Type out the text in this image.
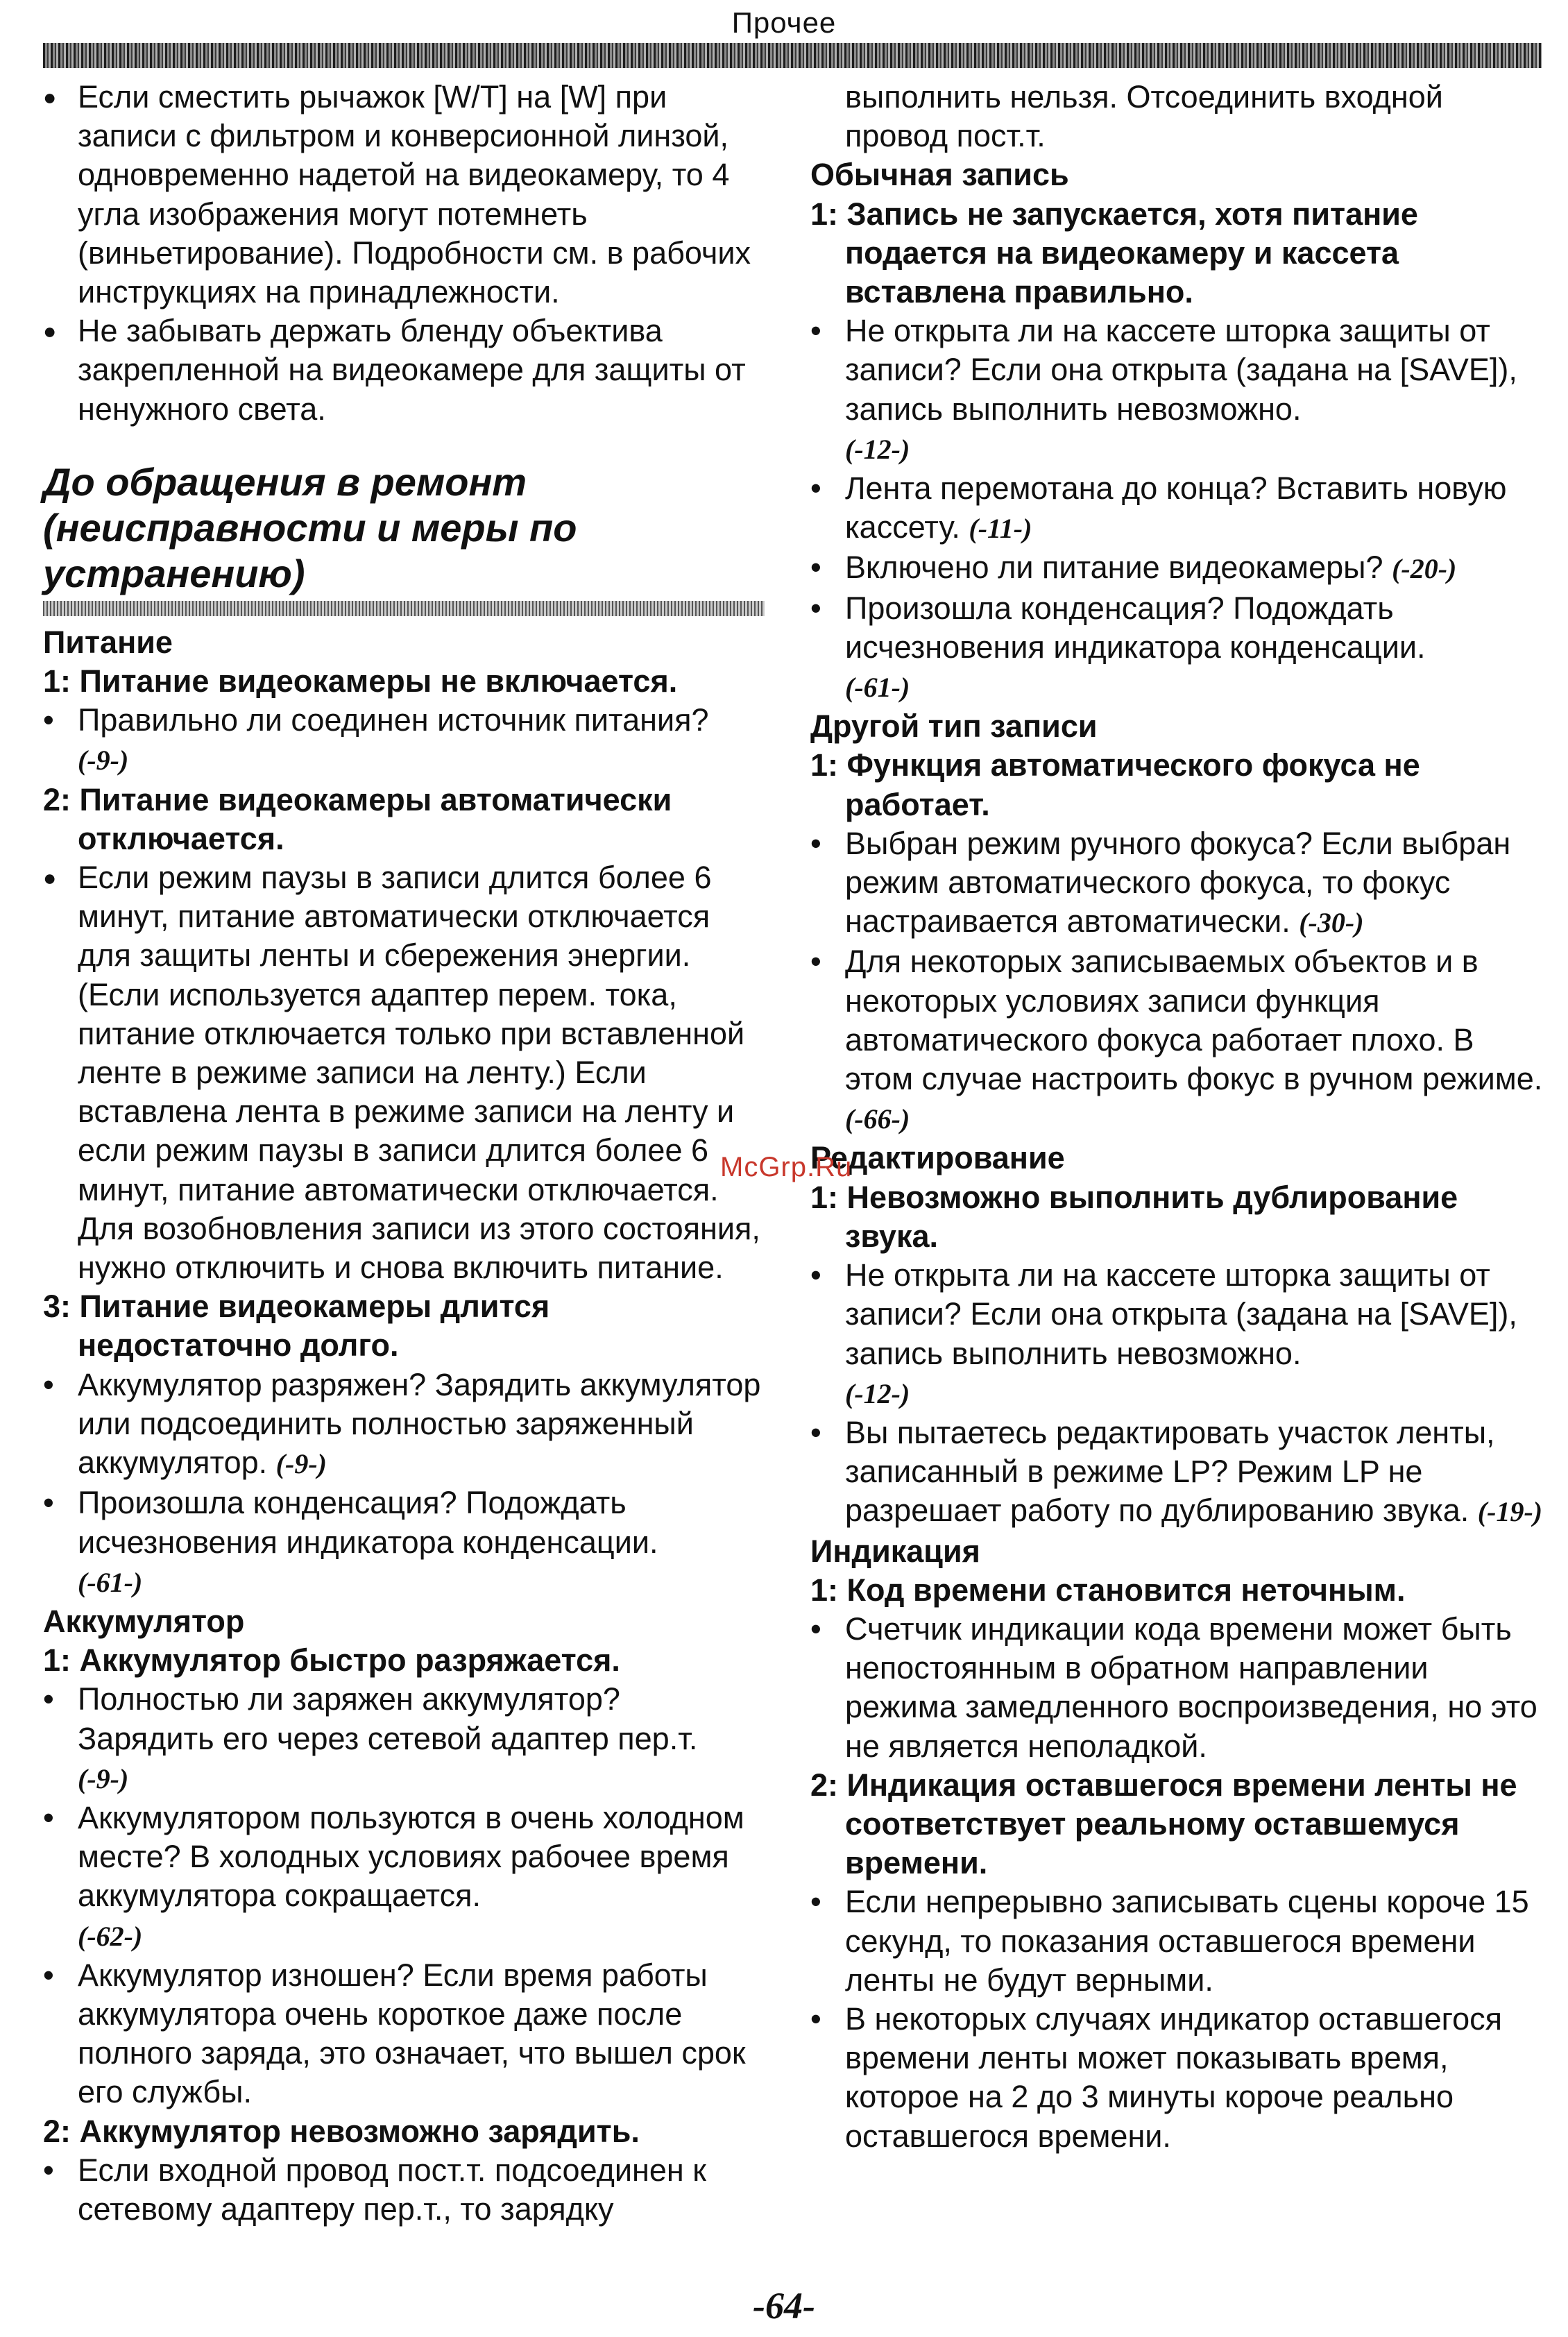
Прочее

● Если сместить рычажок [W/T] на [W] при записи с фильтром и конверсионной линзой, одновременно надетой на видеокамеру, то 4 угла изображения могут потемнеть (виньетирование). Подробности см. в рабочих инструкциях на принадлежности.

● Не забывать держать бленду объектива закрепленной на видеокамере для защиты от ненужного света.

До обращения в ремонт
(неисправности и меры по
устранению)

Питание

1: Питание видеокамеры не включается.

• Правильно ли соединен источник питания?
(-9-)

2: Питание видеокамеры автоматически отключается.

● Если режим паузы в записи длится более 6 минут, питание автоматически отключается для защиты ленты и сбережения энергии. (Если используется адаптер перем. тока, питание отключается только при вставленной ленте в режиме записи на ленту.) Если вставлена лента в режиме записи на ленту и если режим паузы в записи длится более 6 минут, питание автоматически отключается.

Для возобновления записи из этого состояния, нужно отключить и снова включить питание.

3: Питание видеокамеры длится недостаточно долго.

• Аккумулятор разряжен? Зарядить аккумулятор или подсоединить полностью заряженный аккумулятор. (-9-)

• Произошла конденсация? Подождать исчезновения индикатора конденсации.
(-61-)

Аккумулятор

1: Аккумулятор быстро разряжается.

• Полностью ли заряжен аккумулятор? Зарядить его через сетевой адаптер пер.т.
(-9-)

• Аккумулятором пользуются в очень холодном месте? В холодных условиях рабочее время аккумулятора сокращается.
(-62-)

• Аккумулятор изношен? Если время работы аккумулятора очень короткое даже после полного заряда, это означает, что вышел срок его службы.

2: Аккумулятор невозможно зарядить.

• Если входной провод пост.т. подсоединен к сетевому адаптеру пер.т., то зарядку

выполнить нельзя. Отсоединить входной провод пост.т.

Обычная запись

1: Запись не запускается, хотя питание подается на видеокамеру и кассета вставлена правильно.

• Не открыта ли на кассете шторка защиты от записи? Если она открыта (задана на [SAVE]), запись выполнить невозможно.
(-12-)

• Лента перемотана до конца? Вставить новую кассету. (-11-)

• Включено ли питание видеокамеры? (-20-)

• Произошла конденсация? Подождать исчезновения индикатора конденсации.
(-61-)

Другой тип записи

1: Функция автоматического фокуса не работает.

• Выбран режим ручного фокуса? Если выбран режим автоматического фокуса, то фокус настраивается автоматически. (-30-)

• Для некоторых записываемых объектов и в некоторых условиях записи функция автоматического фокуса работает плохо. В этом случае настроить фокус в ручном режиме. (-66-)

Редактирование

1: Невозможно выполнить дублирование звука.

• Не открыта ли на кассете шторка защиты от записи? Если она открыта (задана на [SAVE]), запись выполнить невозможно.
(-12-)

• Вы пытаетесь редактировать участок ленты, записанный в режиме LP? Режим LP не разрешает работу по дублированию звука. (-19-)

Индикация

1: Код времени становится неточным.

• Счетчик индикации кода времени может быть непостоянным в обратном направлении режима замедленного воспроизведения, но это не является неполадкой.

2: Индикация оставшегося времени ленты не соответствует реальному оставшемуся времени.

• Если непрерывно записывать сцены короче 15 секунд, то показания оставшегося времени ленты не будут верными.

• В некоторых случаях индикатор оставшегося времени ленты может показывать время, которое на 2 до 3 минуты короче реально оставшегося времени.

McGrp.Ru
-64-
